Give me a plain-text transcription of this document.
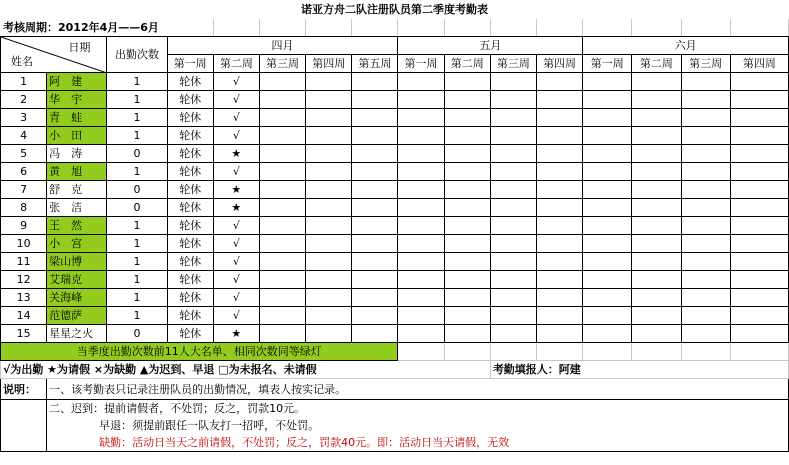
诺亚方舟二队注册队员第二季度考勤表															
考核周期：2012年4月——6月															

日期
姓名		出勤次数	四月					五月				六月			
			第一周	第二周	第三周	第四周	第五周	第一周	第二周	第三周	第四周	第一周	第二周	第三周	第四周
1	阿　建	1	轮休	√											
2	华　宇	1	轮休	√											
3	青　蛙	1	轮休	√											
4	小　田	1	轮休	√											
5	冯　涛	0	轮休	★											
6	黄　旭	1	轮休	√											
7	舒　克	0	轮休	★											
8	张　洁	0	轮休	★											
9	王　然	1	轮休	√											
10	小　宫	1	轮休	√											
11	梁山博	1	轮休	√											
12	艾瑞克	1	轮休	√											
13	关海峰	1	轮休	√											
14	范德萨	1	轮休	√											
15	星星之火	0	轮休	★											
当季度出勤次数前11人大名单、相同次数同等绿灯															
√为出勤 ★为请假 ×为缺勤 ▲为迟到、早退 □为未报名、未请假										考勤填报人：阿建					
说明：	一、该考勤表只记录注册队员的出勤情况，填表人按实记录。														
	二、迟到：提前请假者，不处罚；反之，罚款10元。														
	早退：须提前跟任一队友打一招呼，不处罚。														
	缺勤：活动日当天之前请假，不处罚；反之，罚款40元。即：活动日当天请假，无效														
